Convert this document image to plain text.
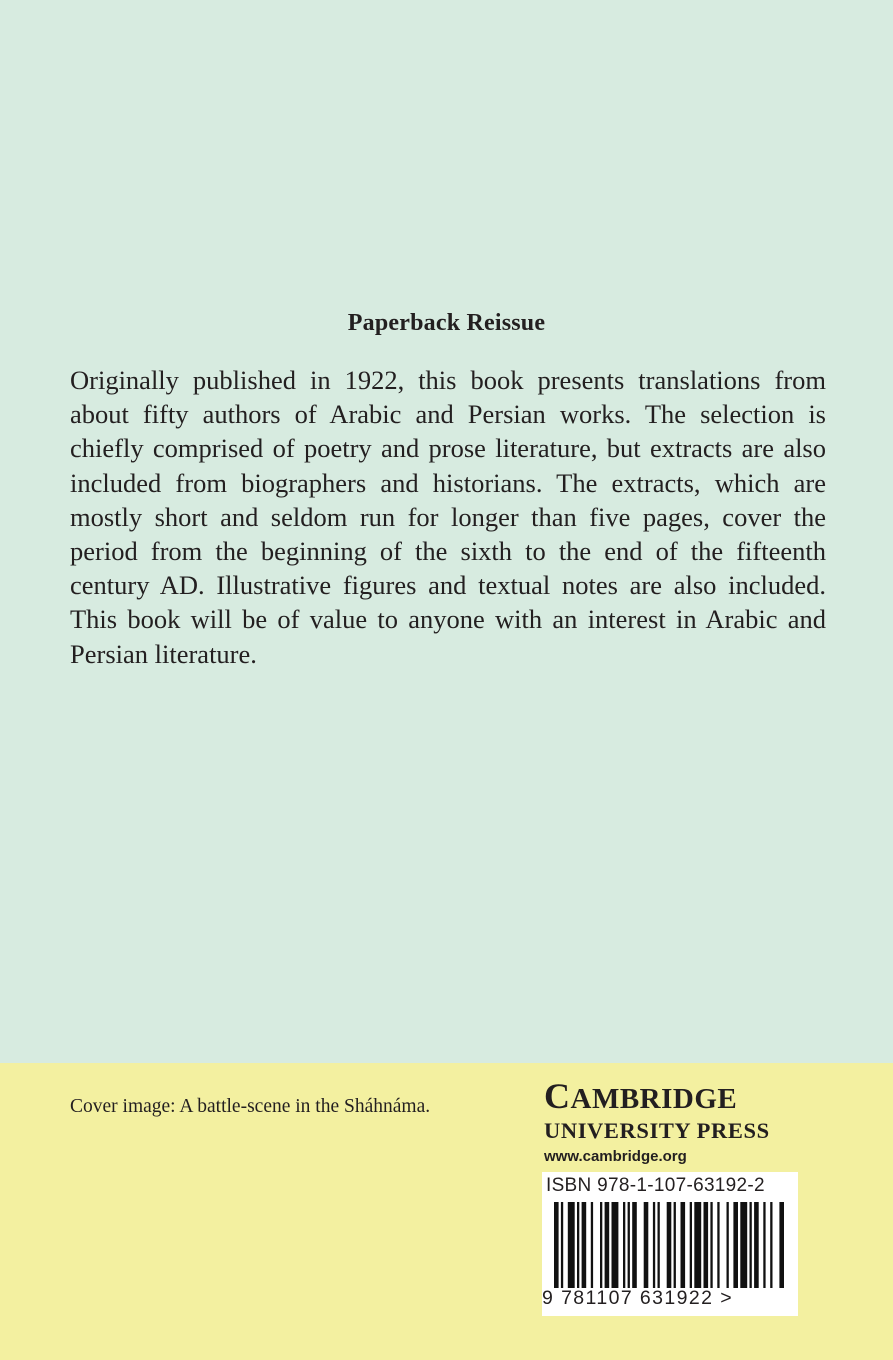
Paperback Reissue

Originally published in 1922, this book presents translations from about fifty authors of Arabic and Persian works. The selection is chiefly comprised of poetry and prose literature, but extracts are also included from biographers and historians. The extracts, which are mostly short and seldom run for longer than five pages, cover the period from the beginning of the sixth to the end of the fifteenth century AD. Illustrative figures and textual notes are also included. This book will be of value to anyone with an interest in Arabic and Persian literature.

Cover image: A battle-scene in the Sháhnáma.	CAMBRIDGE
UNIVERSITY PRESS
www.cambridge.org
ISBN 978-1-107-63192-2
9 781107 631922 >
